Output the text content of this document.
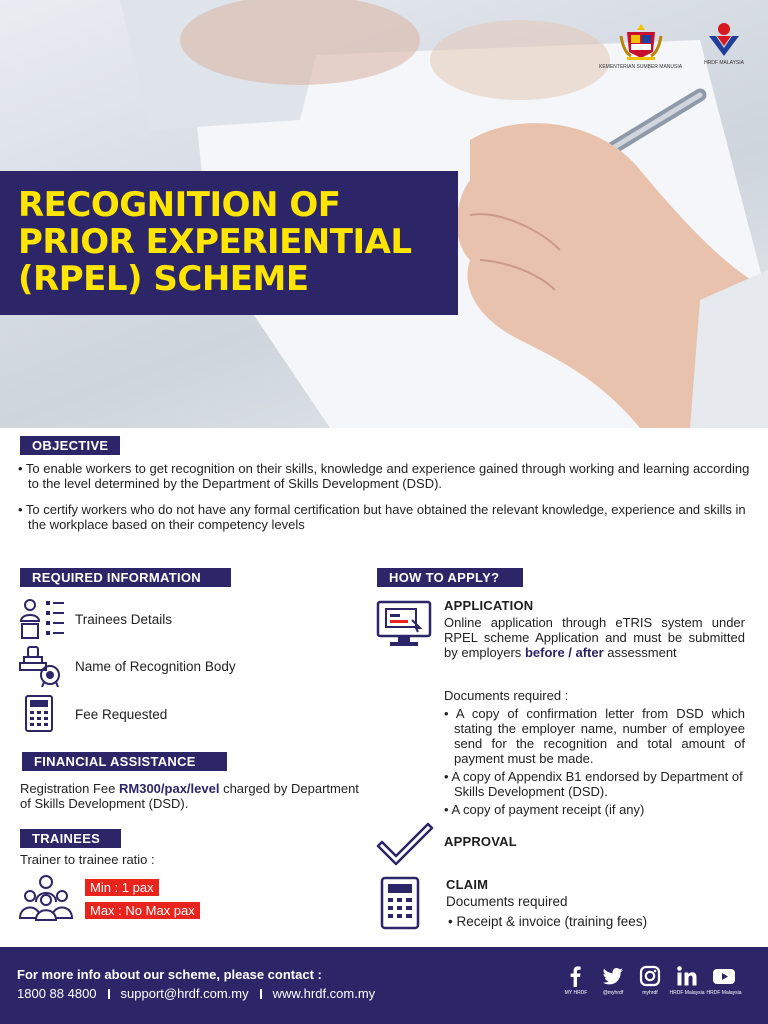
KEMENTERIAN SUMBER MANUSIA
HRDF MALAYSIA
RECOGNITION OF
PRIOR EXPERIENTIAL
(RPEL) SCHEME
OBJECTIVE
• To enable workers to get recognition on their skills, knowledge and experience gained through working and learning according to the level determined by the Department of Skills Development (DSD).
• To certify workers who do not have any formal certification but have obtained the relevant knowledge, experience and skills in the workplace based on their competency levels
REQUIRED INFORMATION
Trainees Details
Name of Recognition Body
Fee Requested
FINANCIAL ASSISTANCE
Registration Fee RM300/pax/level charged by Department of Skills Development (DSD).
TRAINEES
Trainer to trainee ratio :
Min : 1 pax
Max : No Max pax
HOW TO APPLY?
APPLICATION
Online application through eTRIS system under RPEL scheme Application and must be submitted by employers before / after assessment
Documents required :
• A copy of confirmation letter from DSD which stating the employer name, number of employee send for the recognition and total amount of payment must be made.
• A copy of Appendix B1 endorsed by Department of Skills Development (DSD).
• A copy of payment receipt (if any)
APPROVAL
CLAIM
Documents required
• Receipt & invoice (training fees)
For more info about our scheme, please contact :
1800 88 4800 support@hrdf.com.my www.hrdf.com.my	MY HRDF	@myhrdf	myhrdf HRDF Malaysia HRDF Malaysia
